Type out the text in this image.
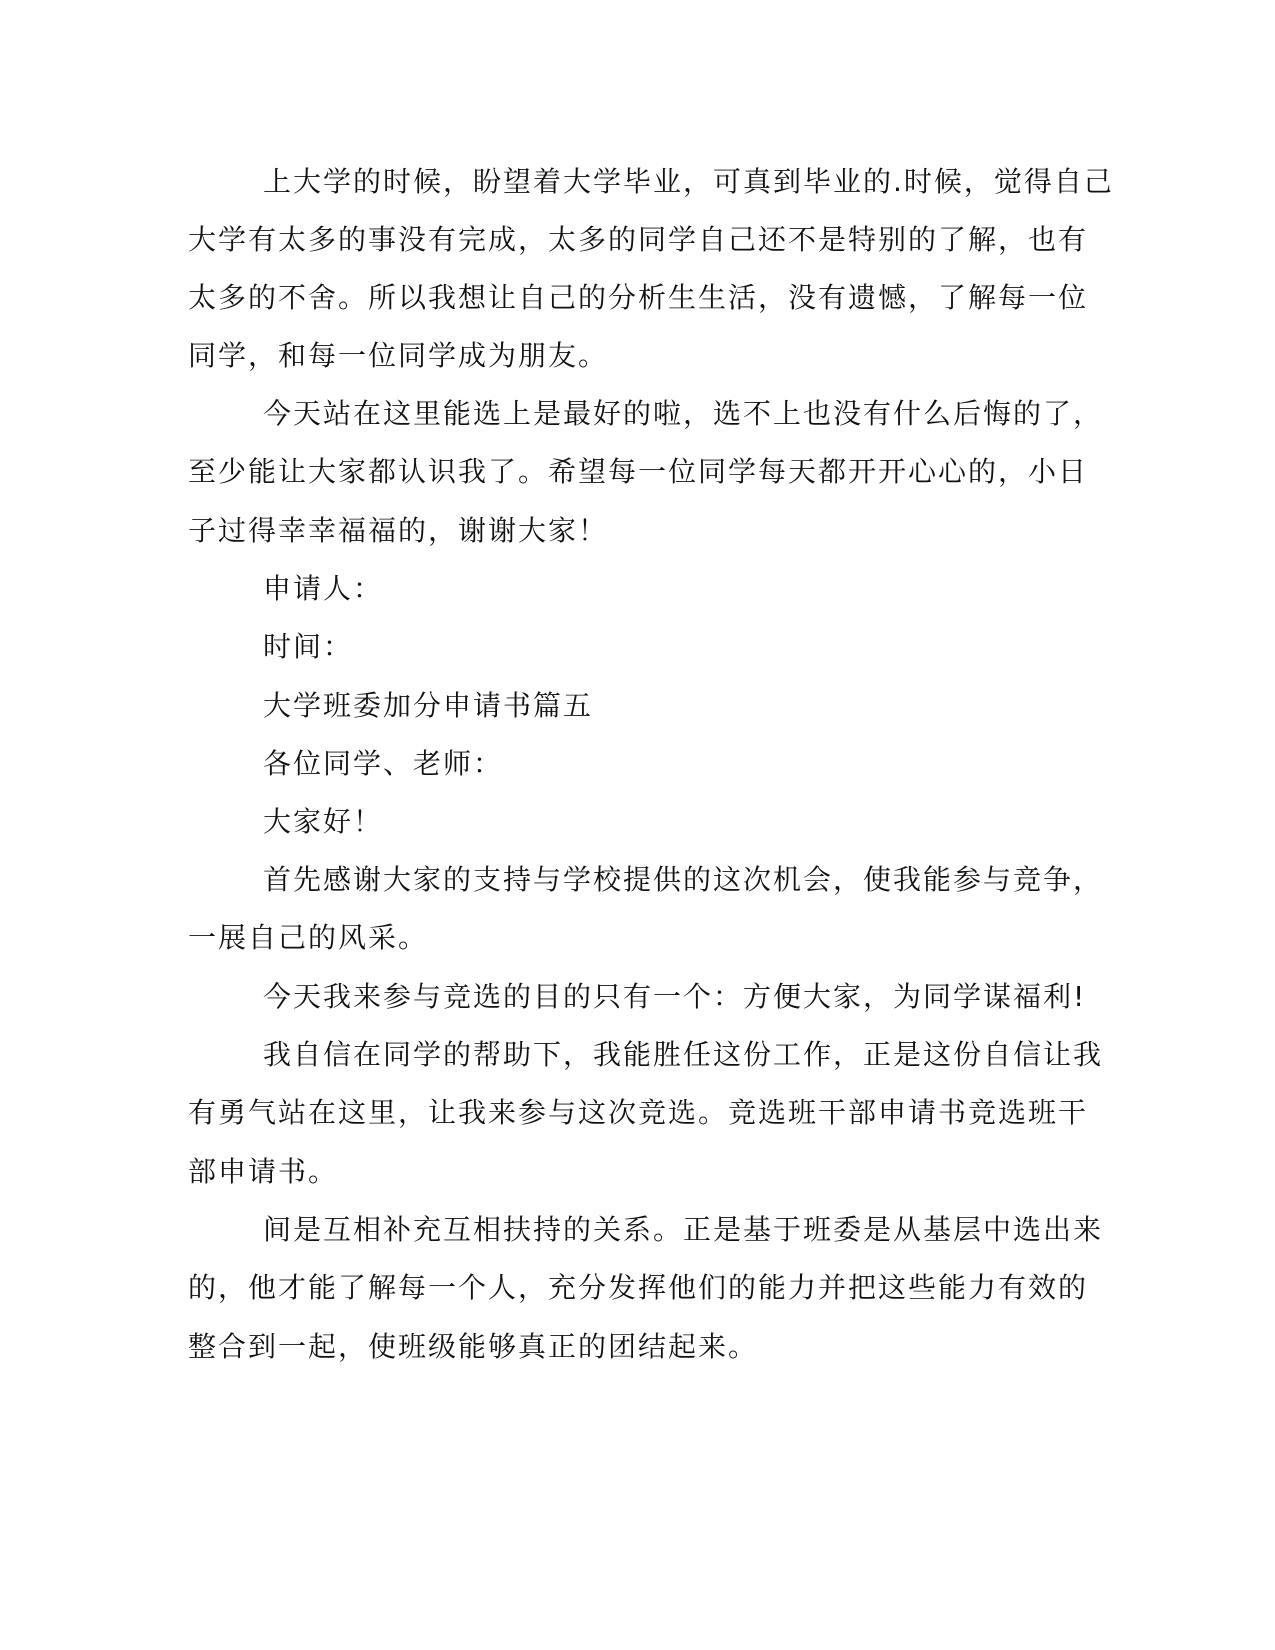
上大学的时候，盼望着大学毕业，可真到毕业的.时候，觉得自己
大学有太多的事没有完成，太多的同学自己还不是特别的了解，也有
太多的不舍。所以我想让自己的分析生生活，没有遗憾，了解每一位
同学，和每一位同学成为朋友。
今天站在这里能选上是最好的啦，选不上也没有什么后悔的了，
至少能让大家都认识我了。希望每一位同学每天都开开心心的，小日
子过得幸幸福福的，谢谢大家！
申请人：
时间：
大学班委加分申请书篇五
各位同学、老师：
大家好！
首先感谢大家的支持与学校提供的这次机会，使我能参与竞争，
一展自己的风采。
今天我来参与竞选的目的只有一个：方便大家，为同学谋福利!
我自信在同学的帮助下，我能胜任这份工作，正是这份自信让我
有勇气站在这里，让我来参与这次竞选。竞选班干部申请书竞选班干
部申请书。
间是互相补充互相扶持的关系。正是基于班委是从基层中选出来
的，他才能了解每一个人，充分发挥他们的能力并把这些能力有效的
整合到一起，使班级能够真正的团结起来。
